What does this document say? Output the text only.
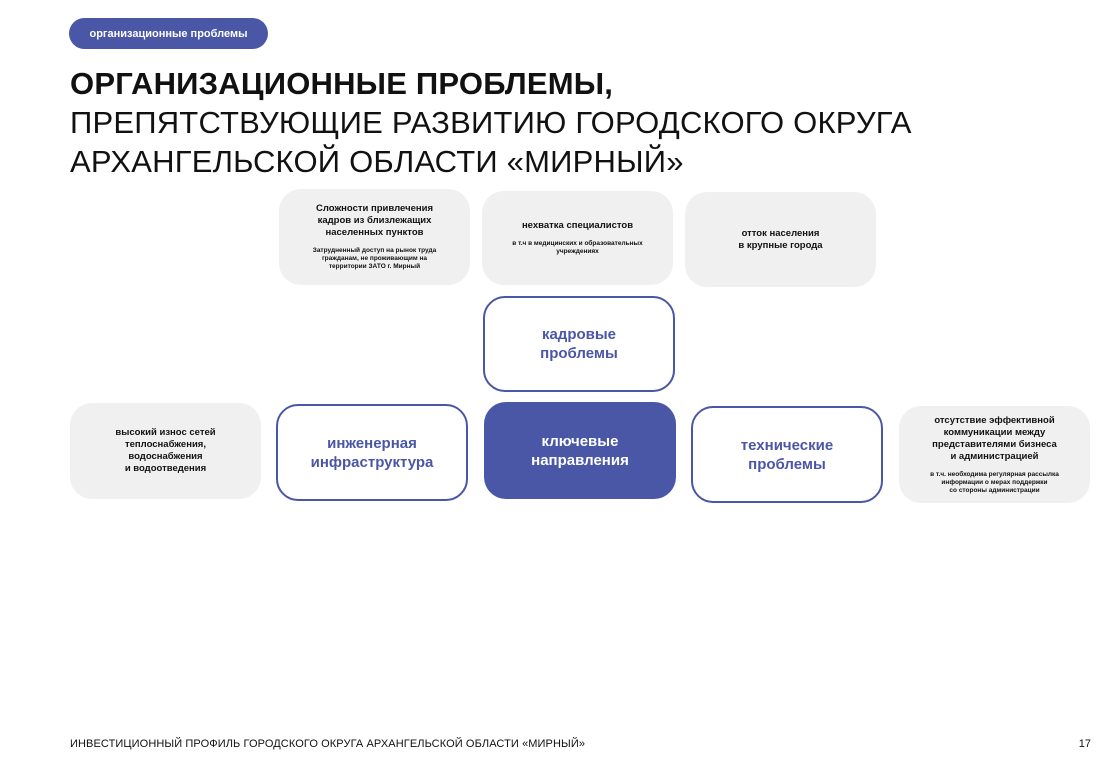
организационные проблемы
ОРГАНИЗАЦИОННЫЕ ПРОБЛЕМЫ,
ПРЕПЯТСТВУЮЩИЕ РАЗВИТИЮ ГОРОДСКОГО ОКРУГА
АРХАНГЕЛЬСКОЙ ОБЛАСТИ «МИРНЫЙ»
Сложности привлечения
кадров из близлежащих
населенных пунктов
Затрудненный доступ на рынок труда
гражданам, не проживающим на
территории ЗАТО г. Мирный
нехватка специалистов
в т.ч в медицинских и образовательных
учреждениях
отток населения
в крупные города
кадровые
проблемы
высокий износ сетей
теплоснабжения,
водоснабжения
и водоотведения
инженерная
инфраструктура
ключевые
направления
технические
проблемы
отсутствие эффективной
коммуникации между
представителями бизнеса
и администрацией
в т.ч. необходима регулярная рассылка
информации о мерах поддержки
со стороны администрации
ИНВЕСТИЦИОННЫЙ ПРОФИЛЬ ГОРОДСКОГО ОКРУГА АРХАНГЕЛЬСКОЙ ОБЛАСТИ «МИРНЫЙ»	17
